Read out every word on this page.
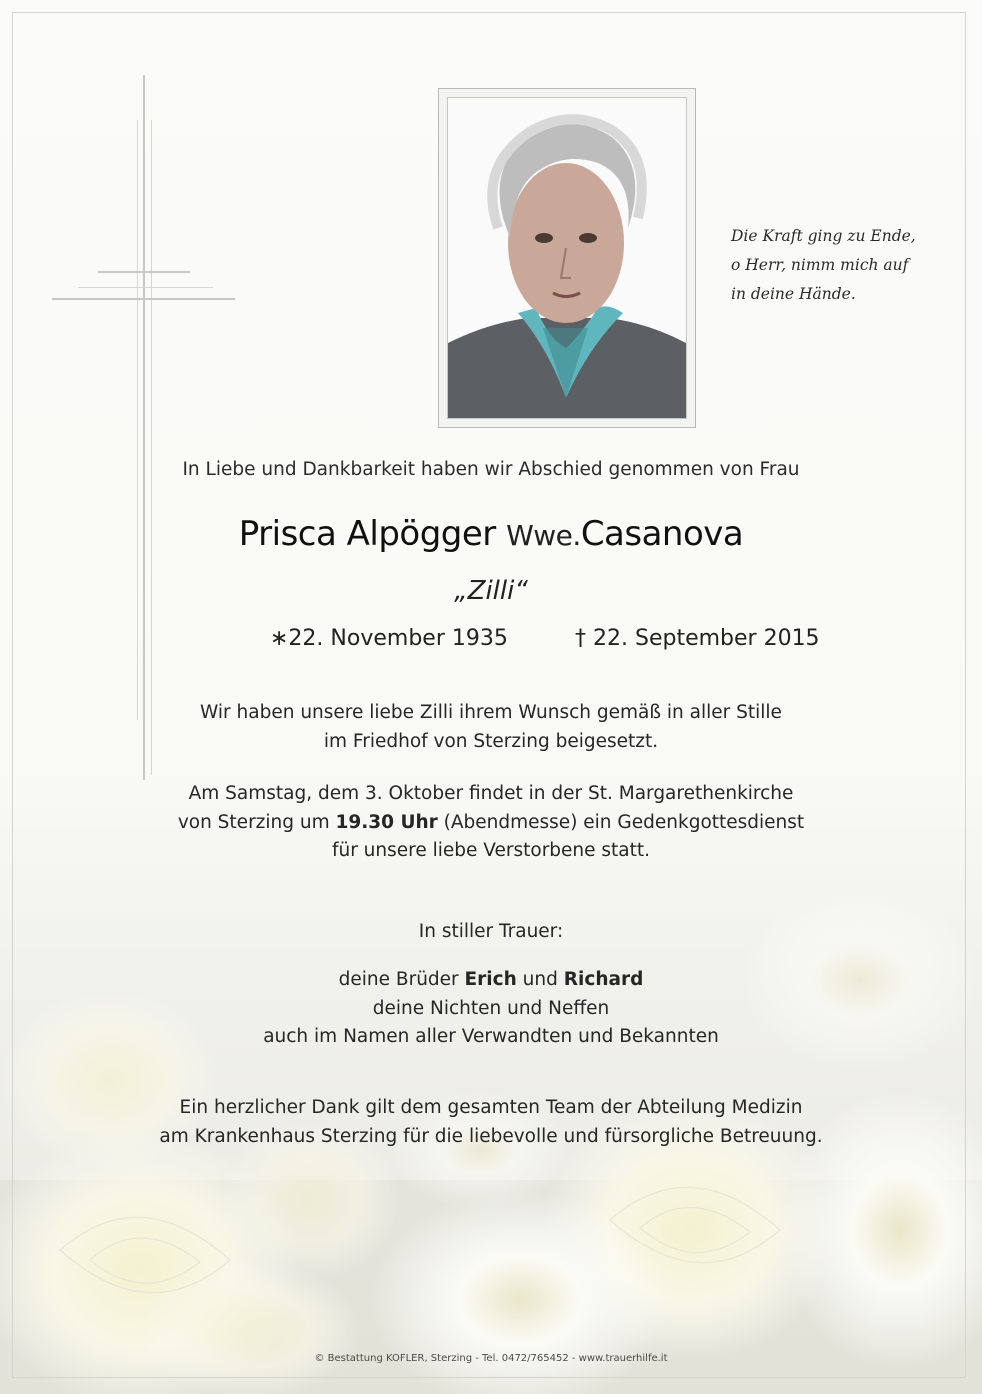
Die Kraft ging zu Ende,
o Herr, nimm mich auf
in deine Hände.
In Liebe und Dankbarkeit haben wir Abschied genommen von Frau
Prisca Alpögger Wwe.Casanova
„Zilli“
∗22. November 1935	† 22. September 2015
Wir haben unsere liebe Zilli ihrem Wunsch gemäß in aller Stille
im Friedhof von Sterzing beigesetzt.
Am Samstag, dem 3. Oktober findet in der St. Margarethenkirche
von Sterzing um 19.30 Uhr (Abendmesse) ein Gedenkgottesdienst
für unsere liebe Verstorbene statt.
In stiller Trauer:
deine Brüder Erich und Richard
deine Nichten und Neffen
auch im Namen aller Verwandten und Bekannten
Ein herzlicher Dank gilt dem gesamten Team der Abteilung Medizin
am Krankenhaus Sterzing für die liebevolle und fürsorgliche Betreuung.
© Bestattung KOFLER, Sterzing - Tel. 0472/765452 - www.trauerhilfe.it
